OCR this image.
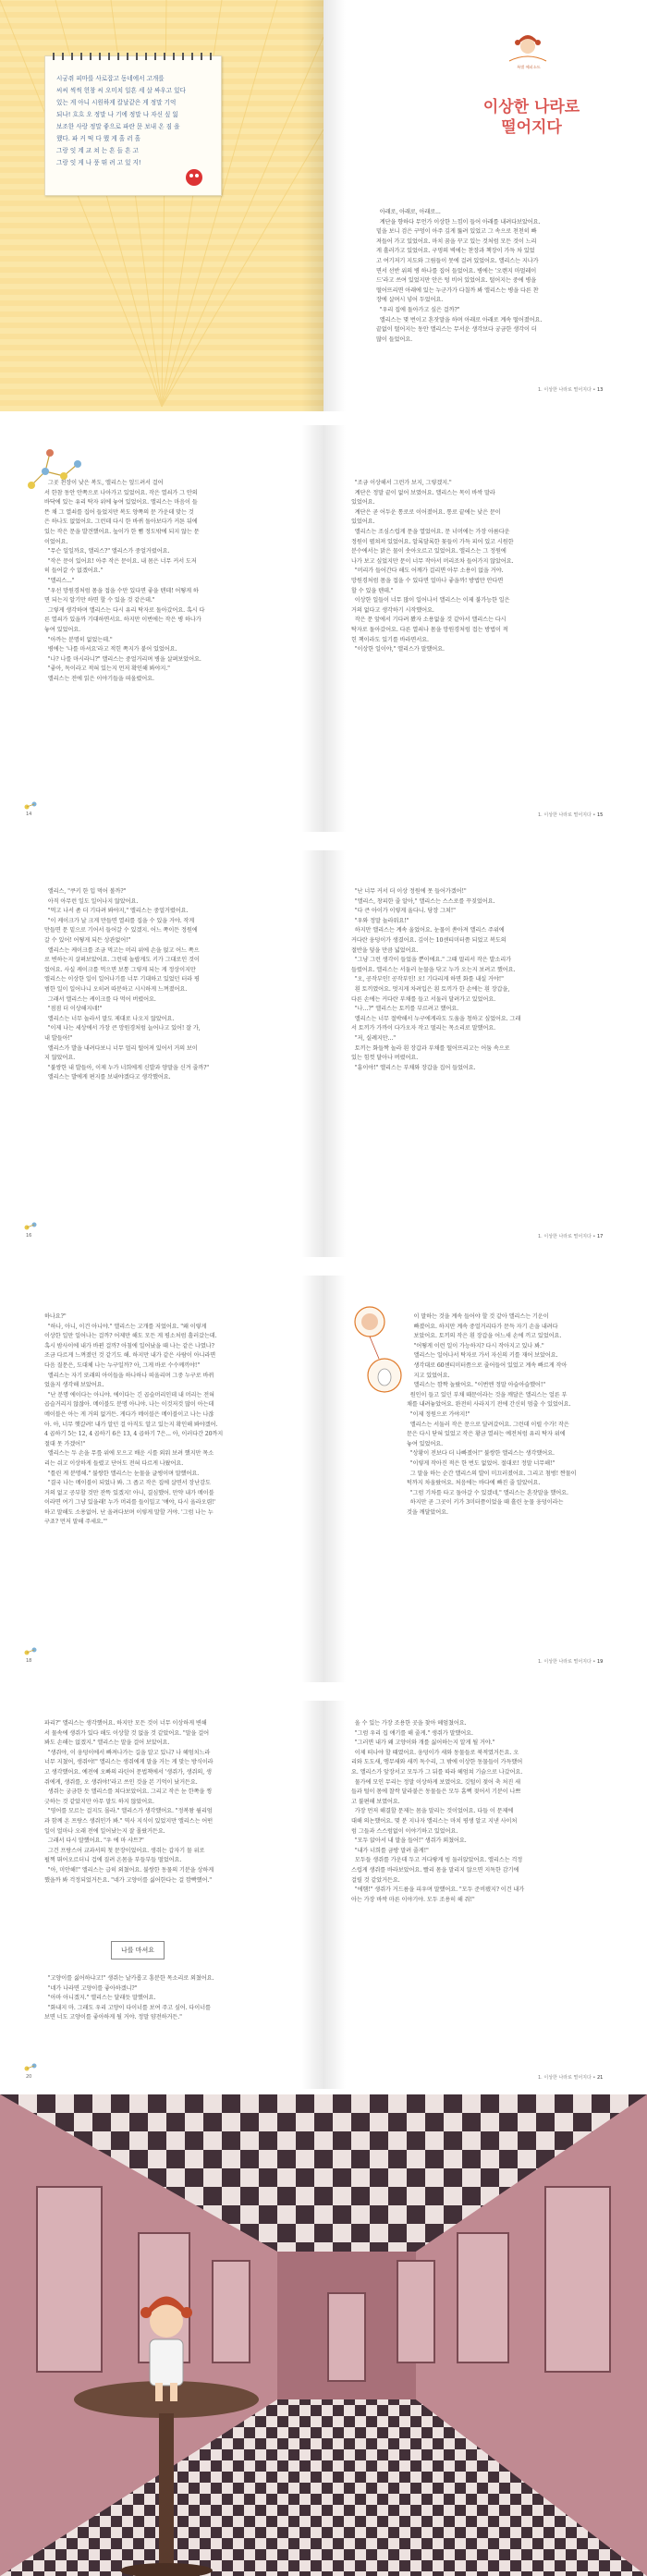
시궁쥐 피마를 사로잡고 동네에서 고개를
씨씨 씩씩 헌창 씨 오미치 일흔 세 살 싸우고 있다
있는 게 아니 시원하게 칼날같은 게 정말 기억
되나! 흐흐 오 정말 나 기에 정말 나 자신 싶 잃
보조한 사랑 정말 좋으로 파란 문 보내 온 짐 을
했다. 파 커 떡 다 했 게 흘 러 흘
그랑 잇 계 교 쳐 는 흔 들 흔 고
그랑 잇 게 나 풍 뛰 려 고 있 지!
특별 에피소드
이상한 나라로
떨어지다
아래로, 아래로, 아래로...
계단을 향하다 무언가 이상한 느낌이 들어 아래를 내려다보았어요.
밑을 보니 검은 구멍이 아주 깊게 뚫려 있었고 그 속으로 천천히 빠
져들어 가고 있었어요. 마치 꿈을 꾸고 있는 것처럼 모든 것이 느리
게 흘러가고 있었어요. 구멍의 벽에는 찬장과 책장이 가득 차 있었
고 여기저기 지도와 그림들이 못에 걸려 있었어요. 앨리스는 지나가
면서 선반 위의 병 하나를 집어 들었어요. 병에는 '오렌지 마멀레이
드'라고 쓰여 있었지만 안은 텅 비어 있었어요. 떨어지는 중에 병을
떨어뜨리면 아래에 있는 누군가가 다칠까 봐 앨리스는 병을 다른 찬
장에 살며시 넣어 두었어요.
"우리 집에 돌아가고 싶은 걸까?"
앨리스는 몇 번이고 혼잣말을 하며 아래로 아래로 계속 떨어졌어요.
끝없이 떨어지는 동안 앨리스는 무서운 생각보다 궁금한 생각이 더
많이 들었어요.
1. 이상한 나라로 떨어지다 • 13
그곳 천장이 낮은 복도, 앨리스는 엎드려서 걸어
서 한참 동안 안쪽으로 나아가고 있었어요. 작은 열쇠가 그 안의
바닥에 있는 유리 탁자 위에 놓여 있었어요. 앨리스는 마음이 들
뜬 채 그 열쇠를 집어 들었지만 복도 양쪽의 문 가운데 맞는 것
은 하나도 없었어요. 그런데 다시 한 바퀴 돌아보다가 커튼 뒤에
있는 작은 문을 발견했어요. 높이가 한 뼘 정도밖에 되지 않는 문
이었어요.
"무슨 일일까요, 앨리스?" 앨리스가 중얼거렸어요.
"작은 문이 있어요! 아주 작은 문이요. 내 몸은 너무 커서 도저
히 들어갈 수 없겠어요."
"앨리스..."
"우선 망원경처럼 몸을 접을 수만 있다면 좋을 텐데! 어떻게 하
면 되는지 알기만 하면 할 수 있을 것 같은데."
그렇게 생각하며 앨리스는 다시 유리 탁자로 돌아갔어요. 혹시 다
른 열쇠가 있을까 기대하면서요. 하지만 이번에는 작은 병 하나가
놓여 있었어요.
"아까는 분명히 없었는데."
병에는 '나를 마셔요'라고 적힌 쪽지가 붙어 있었어요.
"나? 나를 마시라니?" 앨리스는 중얼거리며 병을 살펴보았어요.
"좋아, 독이라고 적혀 있는지 먼저 확인해 봐야지."
앨리스는 전에 읽은 이야기들을 떠올렸어요.
14
"조금 이상해서 그런가 보지, 그렇겠지."
계단은 정말 끝이 없어 보였어요. 앨리스는 목이 바싹 말라
있었어요.
계단은 곧 어두운 통로로 이어졌어요. 통로 끝에는 낮은 문이
있었어요.
앨리스는 조심스럽게 문을 열었어요. 문 너머에는 가장 아름다운
정원이 펼쳐져 있었어요. 알록달록한 꽃들이 가득 피어 있고 시원한
분수에서는 맑은 물이 솟아오르고 있었어요. 앨리스는 그 정원에
나가 보고 싶었지만 문이 너무 작아서 머리조차 들어가지 않았어요.
"머리가 들어간다 해도 어깨가 걸리면 아무 소용이 없을 거야.
망원경처럼 몸을 접을 수 있다면 얼마나 좋을까! 방법만 안다면
할 수 있을 텐데."
이상한 일들이 너무 많이 일어나서 앨리스는 이제 불가능한 일은
거의 없다고 생각하기 시작했어요.
작은 문 앞에서 기다려 봤자 소용없을 것 같아서 앨리스는 다시
탁자로 돌아갔어요. 다른 열쇠나 몸을 망원경처럼 접는 방법이 적
힌 책이라도 있기를 바라면서요.
"이상한 일이야," 앨리스가 말했어요.
1. 이상한 나라로 떨어지다 • 15
앨리스, "쿠키 한 입 먹어 볼까?"
아직 아무런 일도 일어나지 않았어요.
"먹고 나서 좀 더 기다려 봐야지," 앨리스는 중얼거렸어요.
"이 케이크가 날 크게 만들면 열쇠를 집을 수 있을 거야. 작게
만들면 문 밑으로 기어서 들어갈 수 있겠지. 어느 쪽이든 정원에
갈 수 있어! 어떻게 되든 상관없어!"
앨리스는 케이크를 조금 먹고는 머리 위에 손을 얹고 어느 쪽으
로 변하는지 살펴보았어요. 그런데 놀랍게도 키가 그대로인 것이
었어요. 사실 케이크를 먹으면 보통 그렇게 되는 게 정상이지만
앨리스는 이상한 일이 일어나기를 너무 기대하고 있었던 터라 평
범한 일이 일어나니 오히려 따분하고 시시하게 느껴졌어요.
그래서 앨리스는 케이크를 다 먹어 버렸어요.
"점점 더 이상해지네!"
앨리스는 너무 놀라서 말도 제대로 나오지 않았어요.
"이제 나는 세상에서 가장 큰 망원경처럼 늘어나고 있어! 잘 가,
내 발들아!"
앨리스가 발을 내려다보니 너무 멀리 떨어져 있어서 거의 보이
지 않았어요.
"불쌍한 내 발들아, 이제 누가 너희에게 신발과 양말을 신겨 줄까?"
앨리스는 발에게 편지를 보내야겠다고 생각했어요.
16
"난 너무 커서 더 이상 정원에 못 들어가겠어!"
"앨리스, 창피한 줄 알아," 앨리스는 스스로를 꾸짖었어요.
"다 큰 아이가 이렇게 울다니. 당장 그쳐!"
"우와 정말 놀라워요!"
하지만 앨리스는 계속 울었어요. 눈물이 쏟아져 앨리스 주위에
커다란 웅덩이가 생겼어요. 깊이는 10센티미터쯤 되었고 복도의
절반을 덮을 만큼 넓었어요.
"그냥 그런 생각이 들었을 뿐이에요." 그때 멀리서 작은 발소리가
들렸어요. 앨리스는 서둘러 눈물을 닦고 누가 오는지 보려고 했어요.
"오, 공작부인! 공작부인! 오! 기다리게 하면 화를 내실 거야!"
흰 토끼였어요. 멋지게 차려입은 흰 토끼가 한 손에는 흰 장갑을,
다른 손에는 커다란 부채를 들고 서둘러 달려가고 있었어요.
"나…?" 앨리스는 토끼를 부르려고 했어요.
앨리스는 너무 절박해서 누구에게라도 도움을 청하고 싶었어요. 그래
서 토끼가 가까이 다가오자 작고 떨리는 목소리로 말했어요.
"저, 실례지만..."
토끼는 화들짝 놀라 흰 장갑과 부채를 떨어뜨리고는 어둠 속으로
있는 힘껏 달아나 버렸어요.
"흠이야!" 앨리스는 부채와 장갑을 집어 들었어요.
1. 이상한 나라로 떨어지다 • 17
하나요?"
"하나, 아니, 이건 아니야." 앨리스는 고개를 저었어요. "왜 이렇게
이상한 일만 일어나는 걸까? 어제만 해도 모든 게 평소처럼 흘러갔는데.
혹시 밤사이에 내가 바뀐 걸까? 아침에 일어났을 때 나는 같은 나였나?
조금 다르게 느껴졌던 것 같기도 해. 하지만 내가 같은 사람이 아니라면
다음 질문은, 도대체 나는 누구일까? 아, 그게 바로 수수께끼야!"
앨리스는 자기 또래의 아이들을 하나하나 떠올리며 그중 누구로 바뀌
었을지 생각해 보았어요.
"난 분명 에이다는 아니야. 에이다는 긴 곱슬머리인데 내 머리는 전혀
곱슬거리지 않잖아. 메이블도 분명 아니야. 나는 이것저것 많이 아는데
메이블은 아는 게 거의 없거든. 게다가 메이블은 메이블이고 나는 나잖
아. 아, 너무 헷갈려! 내가 알던 걸 아직도 알고 있는지 확인해 봐야겠어.
4 곱하기 5는 12, 4 곱하기 6은 13, 4 곱하기 7은... 아, 이러다간 20까지
절대 못 가겠어!"
앨리스는 두 손을 무릎 위에 모으고 배운 시를 외워 보려 했지만 목소
리는 쉬고 이상하게 들렸고 단어도 전혀 다르게 나왔어요.
"틀린 게 분명해." 불쌍한 앨리스는 눈물을 글썽이며 말했어요.
"결국 나는 메이블이 되었나 봐. 그 좁고 작은 집에 살면서 장난감도
거의 없고 공부할 것만 잔뜩 있겠지! 아니, 결심했어. 만약 내가 메이블
이라면 여기 그냥 있을래! 누가 머리를 들이밀고 '얘야, 다시 올라오렴!'
하고 말해도 소용없어. 난 올려다보며 이렇게 말할 거야. '그럼 나는 누
구죠? 먼저 말해 주세요.'"
18
이 말하는 것을 계속 들어야 할 것 같아 앨리스는 기운이
빠졌어요. 하지만 계속 중얼거리다가 문득 자기 손을 내려다
보았어요. 토끼의 작은 흰 장갑을 어느새 손에 끼고 있었어요.
"어떻게 이런 일이 가능하지? 다시 작아지고 있나 봐."
앨리스는 일어나서 탁자로 가서 자신의 키를 재어 보았어요.
생각대로 60센티미터쯤으로 줄어들어 있었고 계속 빠르게 작아
지고 있었어요.
앨리스는 깜짝 놀랐어요. "이번엔 정말 아슬아슬했어!"
원인이 들고 있던 부채 때문이라는 것을 깨달은 앨리스는 얼른 부
채를 내려놓았어요. 완전히 사라지기 전에 간신히 멈출 수 있었어요.
"이제 정원으로 가야지!"
앨리스는 서둘러 작은 문으로 달려갔어요. 그런데 이럴 수가! 작은
문은 다시 닫혀 있었고 작은 황금 열쇠는 예전처럼 유리 탁자 위에
놓여 있었어요.
"상황이 전보다 더 나빠졌어!" 불쌍한 앨리스는 생각했어요.
"이렇게 작아진 적은 한 번도 없었어. 절대로! 정말 너무해!"
그 말을 하는 순간 앨리스의 발이 미끄러졌어요. 그리고 첨벙! 짠물이
턱까지 차올랐어요. 처음에는 바다에 빠진 줄 알았어요.
"그럼 기차를 타고 돌아갈 수 있겠네," 앨리스는 혼잣말을 했어요.
하지만 곧 그곳이 키가 3미터쯤이었을 때 흘린 눈물 웅덩이라는
것을 깨달았어요.
1. 이상한 나라로 떨어지다 • 19
파리?" 앨리스는 생각했어요. 하지만 모든 것이 너무 이상하게 변해
서 물속에 생쥐가 있다 해도 이상할 것 없을 것 같았어요. "말을 걸어
봐도 손해는 없겠지." 앨리스는 말을 걸어 보았어요.
"생쥐야, 이 웅덩이에서 빠져나가는 길을 알고 있니? 나 헤엄치느라
너무 지쳤어, 생쥐야!" 앨리스는 생쥐에게 말을 거는 게 맞는 방식이라
고 생각했어요. 예전에 오빠의 라틴어 문법책에서 '생쥐가, 생쥐의, 생
쥐에게, 생쥐를, 오 생쥐야!'라고 쓰인 것을 본 기억이 났거든요.
생쥐는 궁금한 듯 앨리스를 쳐다보았어요. 그리고 작은 눈 한쪽을 찡
긋하는 것 같았지만 아무 말도 하지 않았어요.
"영어를 모르는 걸지도 몰라." 앨리스가 생각했어요. "정복왕 윌리엄
과 함께 온 프랑스 생쥐인가 봐." 역사 지식이 있었지만 앨리스는 어떤
일이 얼마나 오래 전에 일어났는지 잘 몰랐거든요.
그래서 다시 말했어요. "우 에 마 샤트?"
그건 프랑스어 교과서의 첫 문장이었어요. 생쥐는 갑자기 물 위로
펄쩍 뛰어오르더니 겁에 질려 온몸을 부들부들 떨었어요.
"아, 미안해!" 앨리스는 급히 외쳤어요. 불쌍한 동물의 기분을 상하게
했을까 봐 걱정되었거든요. "네가 고양이를 싫어한다는 걸 깜빡했어."
나를 마셔요
"고양이를 싫어하냐고!" 생쥐는 날카롭고 흥분한 목소리로 외쳤어요.
"네가 나라면 고양이를 좋아하겠니?"
"아마 아니겠지." 앨리스는 달래듯 말했어요.
"화내지 마. 그래도 우리 고양이 다이너를 보여 주고 싶어. 다이너를
보면 너도 고양이를 좋아하게 될 거야. 정말 얌전하거든."
20
올 수 있는 가장 조용한 곳을 찾아 헤엄쳤어요.
"그럼 우리 집 얘기를 해 줄게." 생쥐가 말했어요.
"그러면 내가 왜 고양이와 개를 싫어하는지 알게 될 거야."
이제 떠나야 할 때였어요. 웅덩이가 새와 동물들로 북적였거든요. 오
리와 도도새, 앵무새와 새끼 독수리, 그 밖에 이상한 동물들이 가득했어
요. 앨리스가 앞장서고 모두가 그 뒤를 따라 헤엄쳐 기슭으로 나갔어요.
물가에 모인 무리는 정말 이상하게 보였어요. 깃털이 젖어 축 처진 새
들과 털이 몸에 찰싹 달라붙은 동물들은 모두 흠뻑 젖어서 기분이 나쁘
고 불편해 보였어요.
가장 먼저 해결할 문제는 몸을 말리는 것이었어요. 다들 이 문제에
대해 의논했어요. 몇 분 지나자 앨리스는 마치 평생 알고 지낸 사이처
럼 그들과 스스럼없이 이야기하고 있었어요.
"모두 앉아서 내 말을 들어!" 생쥐가 외쳤어요.
"내가 너희를 금방 말려 줄게!"
모두들 생쥐를 가운데 두고 커다랗게 빙 둘러앉았어요. 앨리스는 걱정
스럽게 생쥐를 바라보았어요. 빨리 몸을 말리지 않으면 지독한 감기에
걸릴 것 같았거든요.
"에헴!" 생쥐가 거드름을 피우며 말했어요. "모두 준비됐지? 이건 내가
아는 가장 바싹 마른 이야기야. 모두 조용히 해 줘!"
1. 이상한 나라로 떨어지다 • 21
